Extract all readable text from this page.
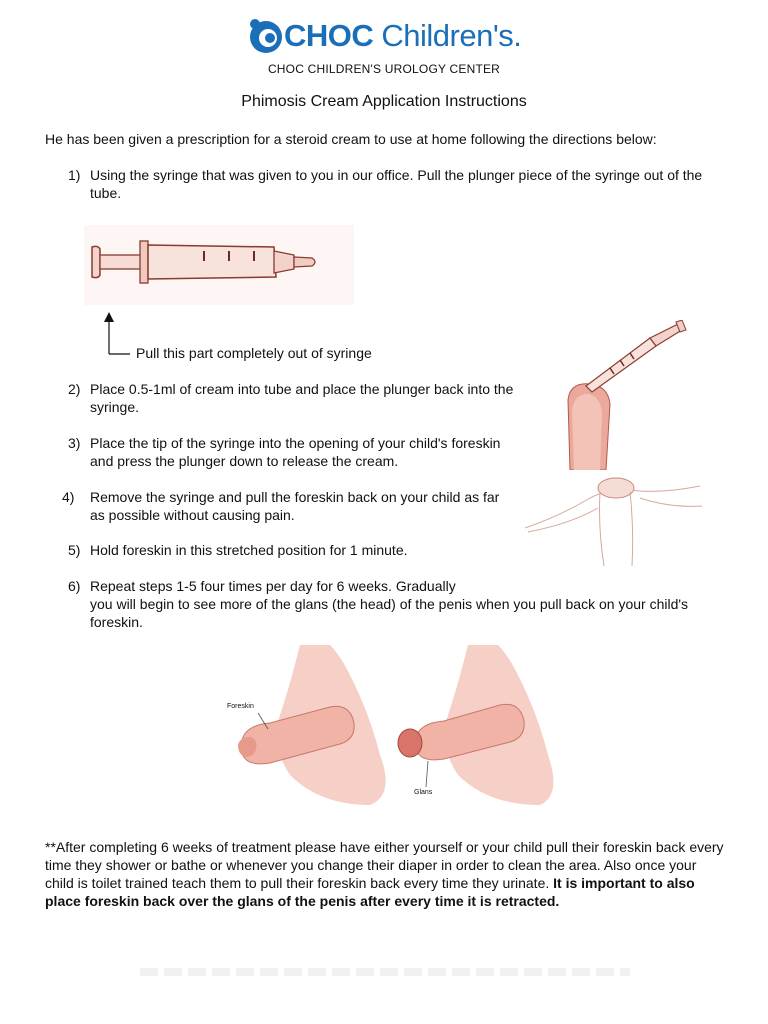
CHOC Children's.
CHOC CHILDREN'S UROLOGY CENTER
Phimosis Cream Application Instructions
He has been given a prescription for a steroid cream to use at home following the directions below:
1) Using the syringe that was given to you in our office. Pull the plunger piece of the syringe out of the tube.
Pull this part completely out of syringe
2) Place 0.5-1ml of cream into tube and place the plunger back into the syringe.
3) Place the tip of the syringe into the opening of your child's foreskin and press the plunger down to release the cream.
4) Remove the syringe and pull the foreskin back on your child as far as possible without causing pain.
5) Hold foreskin in this stretched position for 1 minute.
6) Repeat steps 1-5 four times per day for 6 weeks. Gradually
you will begin to see more of the glans (the head) of the penis when you pull back on your child's foreskin.
Foreskin
Glans
**After completing 6 weeks of treatment please have either yourself or your child pull their foreskin back every time they shower or bathe or whenever you change their diaper in order to clean the area. Also once your child is toilet trained teach them to pull their foreskin back every time they urinate. It is important to also place foreskin back over the glans of the penis after every time it is retracted.
